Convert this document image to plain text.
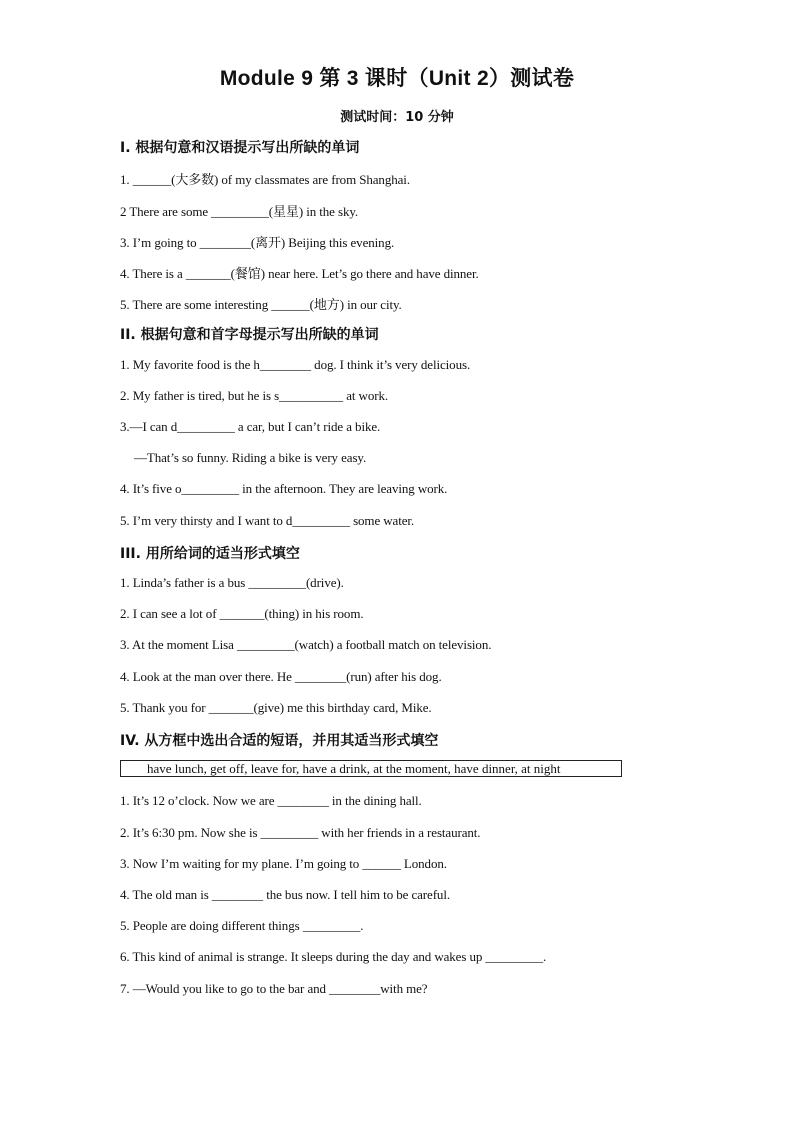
Module 9 第 3 课时（Unit 2）测试卷
测试时间：10 分钟
Ⅰ. 根据句意和汉语提示写出所缺的单词
1. ______(大多数) of my classmates are from Shanghai.
2 There are some _________(星星) in the sky.
3. I’m going to ________(离开) Beijing this evening.
4. There is a _______(餐馆) near here. Let’s go there and have dinner.
5. There are some interesting ______(地方) in our city.
II. 根据句意和首字母提示写出所缺的单词
1. My favorite food is the h________ dog. I think it’s very delicious.
2. My father is tired, but he is s__________ at work.
3.—I can d_________ a car, but I can’t ride a bike.
—That’s so funny. Riding a bike is very easy.
4. It’s five o_________ in the afternoon. They are leaving work.
5. I’m very thirsty and I want to d_________ some water.
III. 用所给词的适当形式填空
1. Linda’s father is a bus _________(drive).
2. I can see a lot of _______(thing) in his room.
3. At the moment Lisa _________(watch) a football match on television.
4. Look at the man over there. He ________(run) after his dog.
5. Thank you for _______(give) me this birthday card, Mike.
IV. 从方框中选出合适的短语，并用其适当形式填空
have lunch, get off, leave for, have a drink, at the moment, have dinner, at night
1. It’s 12 o’clock. Now we are ________ in the dining hall.
2. It’s 6:30 pm. Now she is _________ with her friends in a restaurant.
3. Now I’m waiting for my plane. I’m going to ______ London.
4. The old man is ________ the bus now. I tell him to be careful.
5. People are doing different things _________.
6. This kind of animal is strange. It sleeps during the day and wakes up _________.
7. —Would you like to go to the bar and ________with me?
